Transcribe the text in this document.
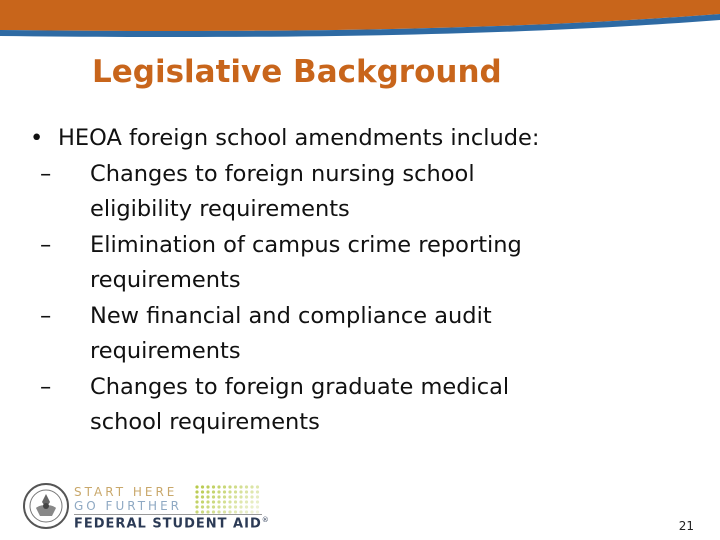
Legislative Background
• HEOA foreign school amendments include:
– Changes to foreign nursing school
eligibility requirements
– Elimination of campus crime reporting
requirements
– New financial and compliance audit
requirements
– Changes to foreign graduate medical
school requirements
START HERE
GO FURTHER
FEDERAL STUDENT AID®	21
